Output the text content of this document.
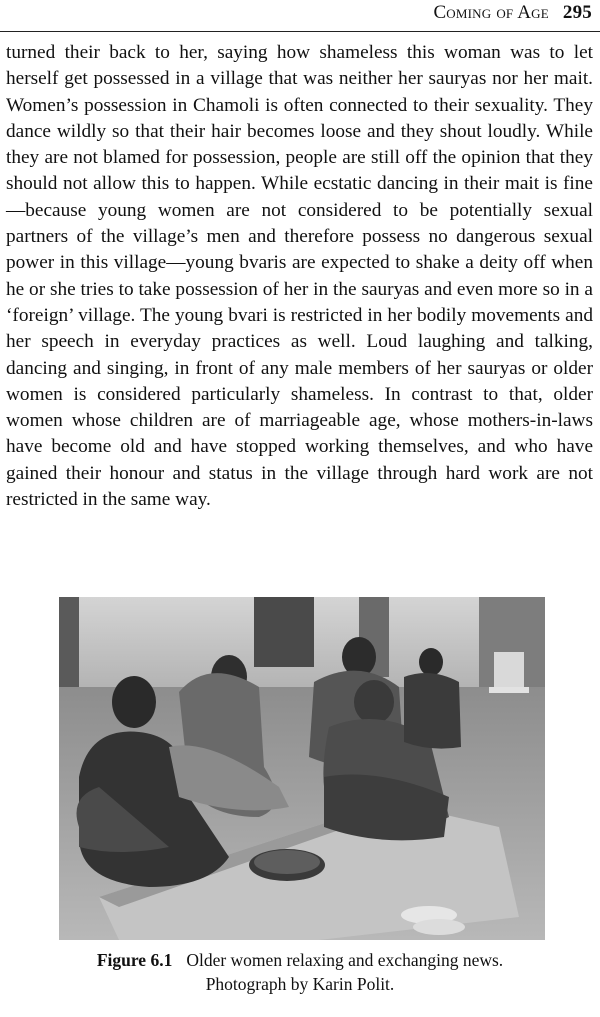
Coming of Age 295

turned their back to her, saying how shameless this woman was to let herself get possessed in a village that was neither her sauryas nor her mait. Women’s possession in Chamoli is often connected to their sexuality. They dance wildly so that their hair becomes loose and they shout loudly. While they are not blamed for possession, people are still off the opinion that they should not allow this to happen. While ecstatic dancing in their mait is fine—because young women are not considered to be potentially sexual partners of the village’s men and therefore possess no dangerous sexual power in this village—young bvaris are expected to shake a deity off when he or she tries to take possession of her in the sauryas and even more so in a ‘foreign’ village. The young bvari is restricted in her bodily movements and her speech in everyday practices as well. Loud laughing and talking, dancing and singing, in front of any male members of her sauryas or older women is considered particularly shameless. In contrast to that, older women whose children are of marriageable age, whose mothers-in-laws have become old and have stopped working themselves, and who have gained their honour and status in the village through hard work are not restricted in the same way.

Figure 6.1 Older women relaxing and exchanging news.
Photograph by Karin Polit.
